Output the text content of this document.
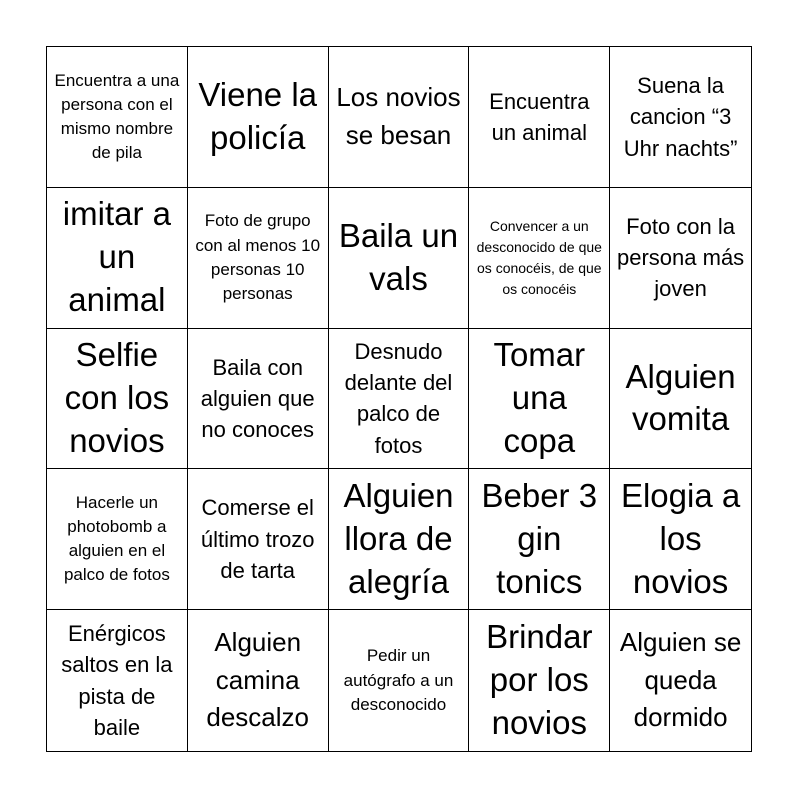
Encuentra a una persona con el mismo nombre de pila
Viene la policía
Los novios se besan
Encuentra un animal
Suena la cancion “3 Uhr nachts”
imitar a un animal
Foto de grupo con al menos 10 personas 10 personas
Baila un vals
Convencer a un desconocido de que os conocéis, de que os conocéis
Foto con la persona más joven
Selfie con los novios
Baila con alguien que no conoces
Desnudo delante del palco de fotos
Tomar una copa
Alguien vomita
Hacerle un photobomb a alguien en el palco de fotos
Comerse el último trozo de tarta
Alguien llora de alegría
Beber 3 gin tonics
Elogia a los novios
Enérgicos saltos en la pista de baile
Alguien camina descalzo
Pedir un autógrafo a un desconocido
Brindar por los novios
Alguien se queda dormido
